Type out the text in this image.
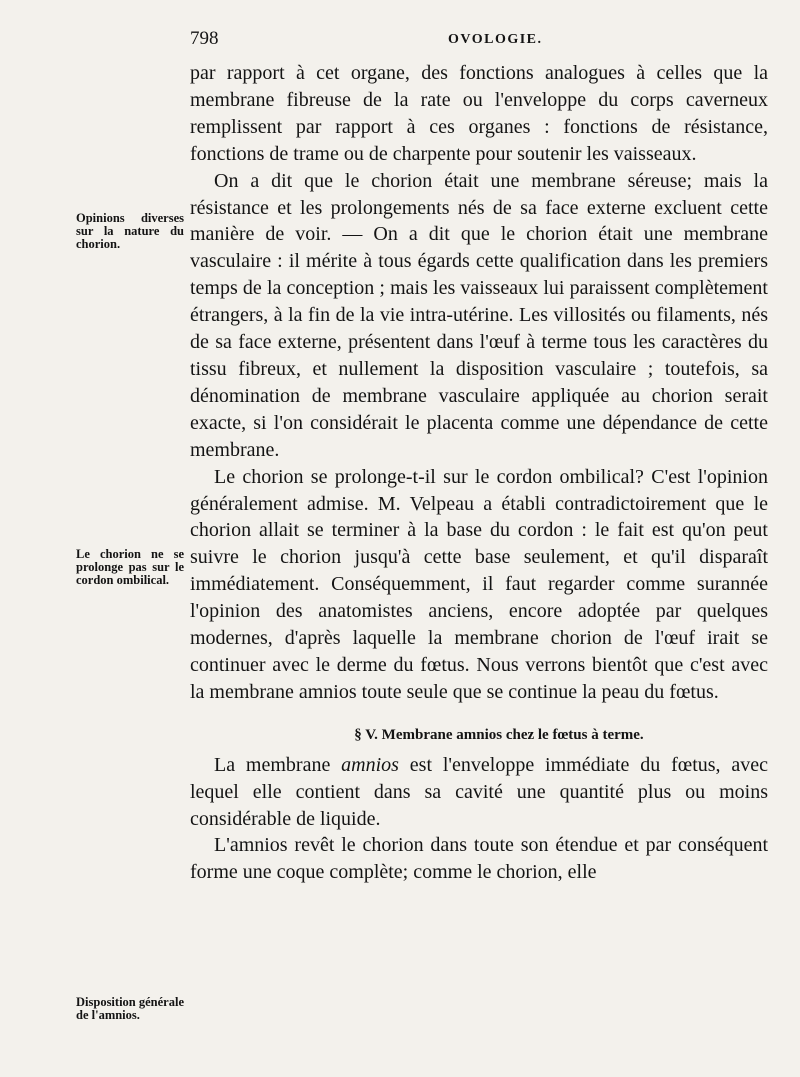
798	OVOLOGIE.
Opinions diverses sur la nature du chorion.
Le chorion ne se prolonge pas sur le cordon ombilical.
Disposition générale de l'amnios.

par rapport à cet organe, des fonctions analogues à celles que la membrane fibreuse de la rate ou l'enveloppe du corps caverneux remplissent par rapport à ces organes : fonctions de résistance, fonctions de trame ou de charpente pour soutenir les vaisseaux.

On a dit que le chorion était une membrane séreuse; mais la résistance et les prolongements nés de sa face externe excluent cette manière de voir. — On a dit que le chorion était une membrane vasculaire : il mérite à tous égards cette qualification dans les premiers temps de la conception ; mais les vaisseaux lui paraissent complètement étrangers, à la fin de la vie intra-utérine. Les villosités ou filaments, nés de sa face externe, présentent dans l'œuf à terme tous les caractères du tissu fibreux, et nullement la disposition vasculaire ; toutefois, sa dénomination de membrane vasculaire appliquée au chorion serait exacte, si l'on considérait le placenta comme une dépendance de cette membrane.

Le chorion se prolonge-t-il sur le cordon ombilical? C'est l'opinion généralement admise. M. Velpeau a établi contradictoirement que le chorion allait se terminer à la base du cordon : le fait est qu'on peut suivre le chorion jusqu'à cette base seulement, et qu'il disparaît immédiatement. Conséquemment, il faut regarder comme surannée l'opinion des anatomistes anciens, encore adoptée par quelques modernes, d'après laquelle la membrane chorion de l'œuf irait se continuer avec le derme du fœtus. Nous verrons bientôt que c'est avec la membrane amnios toute seule que se continue la peau du fœtus.

§ V. Membrane amnios chez le fœtus à terme.

La membrane amnios est l'enveloppe immédiate du fœtus, avec lequel elle contient dans sa cavité une quantité plus ou moins considérable de liquide.

L'amnios revêt le chorion dans toute son étendue et par conséquent forme une coque complète; comme le chorion, elle
